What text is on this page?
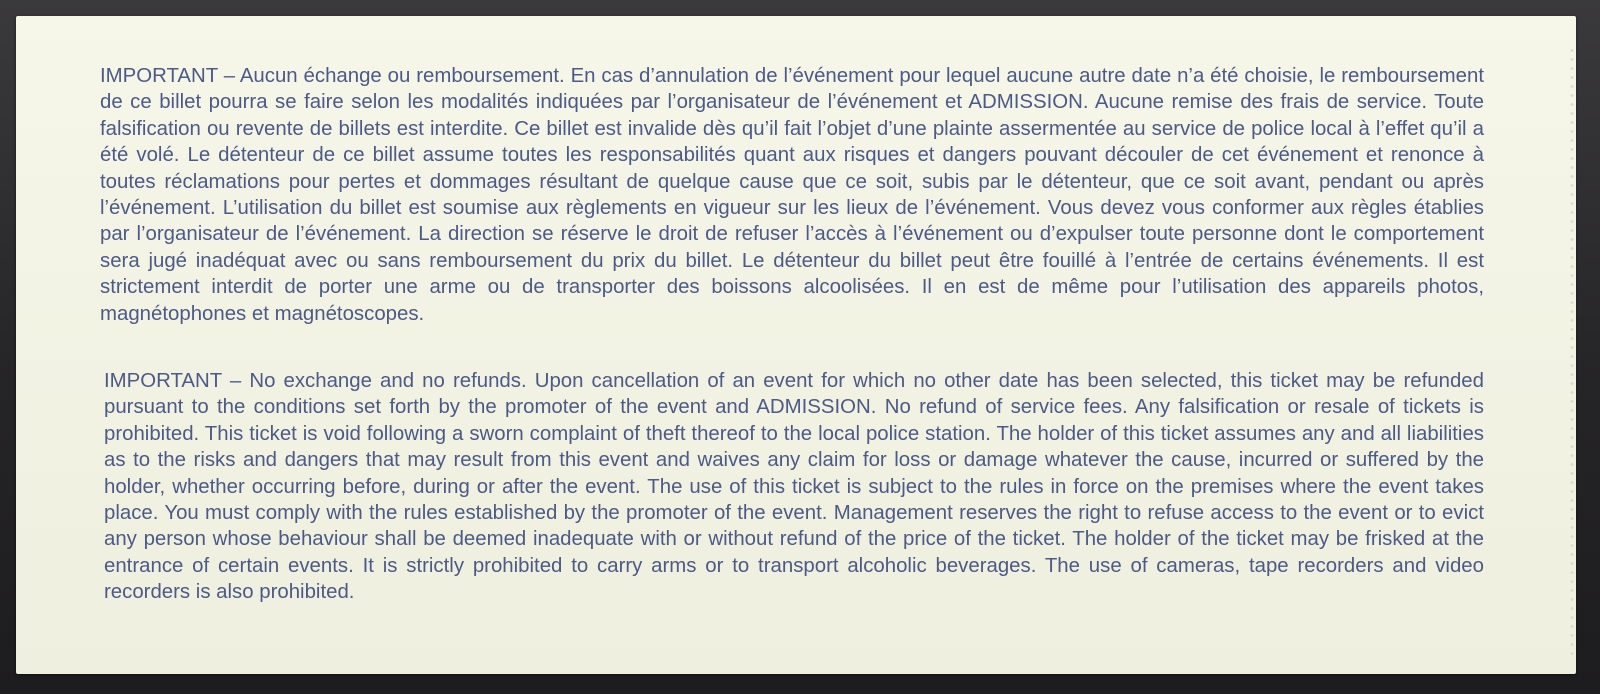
IMPORTANT – Aucun échange ou remboursement. En cas d’annulation de l’événement pour lequel aucune autre date n’a été choisie, le remboursement de ce billet pourra se faire selon les modalités indiquées par l’organisateur de l’événement et ADMISSION. Aucune remise des frais de service. Toute falsification ou revente de billets est interdite. Ce billet est invalide dès qu’il fait l’objet d’une plainte assermentée au service de police local à l’effet qu’il a été volé. Le détenteur de ce billet assume toutes les responsabilités quant aux risques et dangers pouvant découler de cet événement et renonce à toutes réclamations pour pertes et dommages résultant de quelque cause que ce soit, subis par le détenteur, que ce soit avant, pendant ou après l’événement. L’utilisation du billet est soumise aux règlements en vigueur sur les lieux de l’événement. Vous devez vous conformer aux règles établies par l’organisateur de l’événement. La direction se réserve le droit de refuser l’accès à l’événement ou d’expulser toute personne dont le comportement sera jugé inadéquat avec ou sans remboursement du prix du billet. Le détenteur du billet peut être fouillé à l’entrée de certains événements. Il est strictement interdit de porter une arme ou de transporter des boissons alcoolisées. Il en est de même pour l’utilisation des appareils photos, magnétophones et magnétoscopes.

IMPORTANT – No exchange and no refunds. Upon cancellation of an event for which no other date has been selected, this ticket may be refunded pursuant to the conditions set forth by the promoter of the event and ADMISSION. No refund of service fees. Any falsification or resale of tickets is prohibited. This ticket is void following a sworn complaint of theft thereof to the local police station. The holder of this ticket assumes any and all liabilities as to the risks and dangers that may result from this event and waives any claim for loss or damage whatever the cause, incurred or suffered by the holder, whether occurring before, during or after the event. The use of this ticket is subject to the rules in force on the premises where the event takes place. You must comply with the rules established by the promoter of the event. Management reserves the right to refuse access to the event or to evict any person whose behaviour shall be deemed inadequate with or without refund of the price of the ticket. The holder of the ticket may be frisked at the entrance of certain events. It is strictly prohibited to carry arms or to transport alcoholic beverages. The use of cameras, tape recorders and video recorders is also prohibited.
